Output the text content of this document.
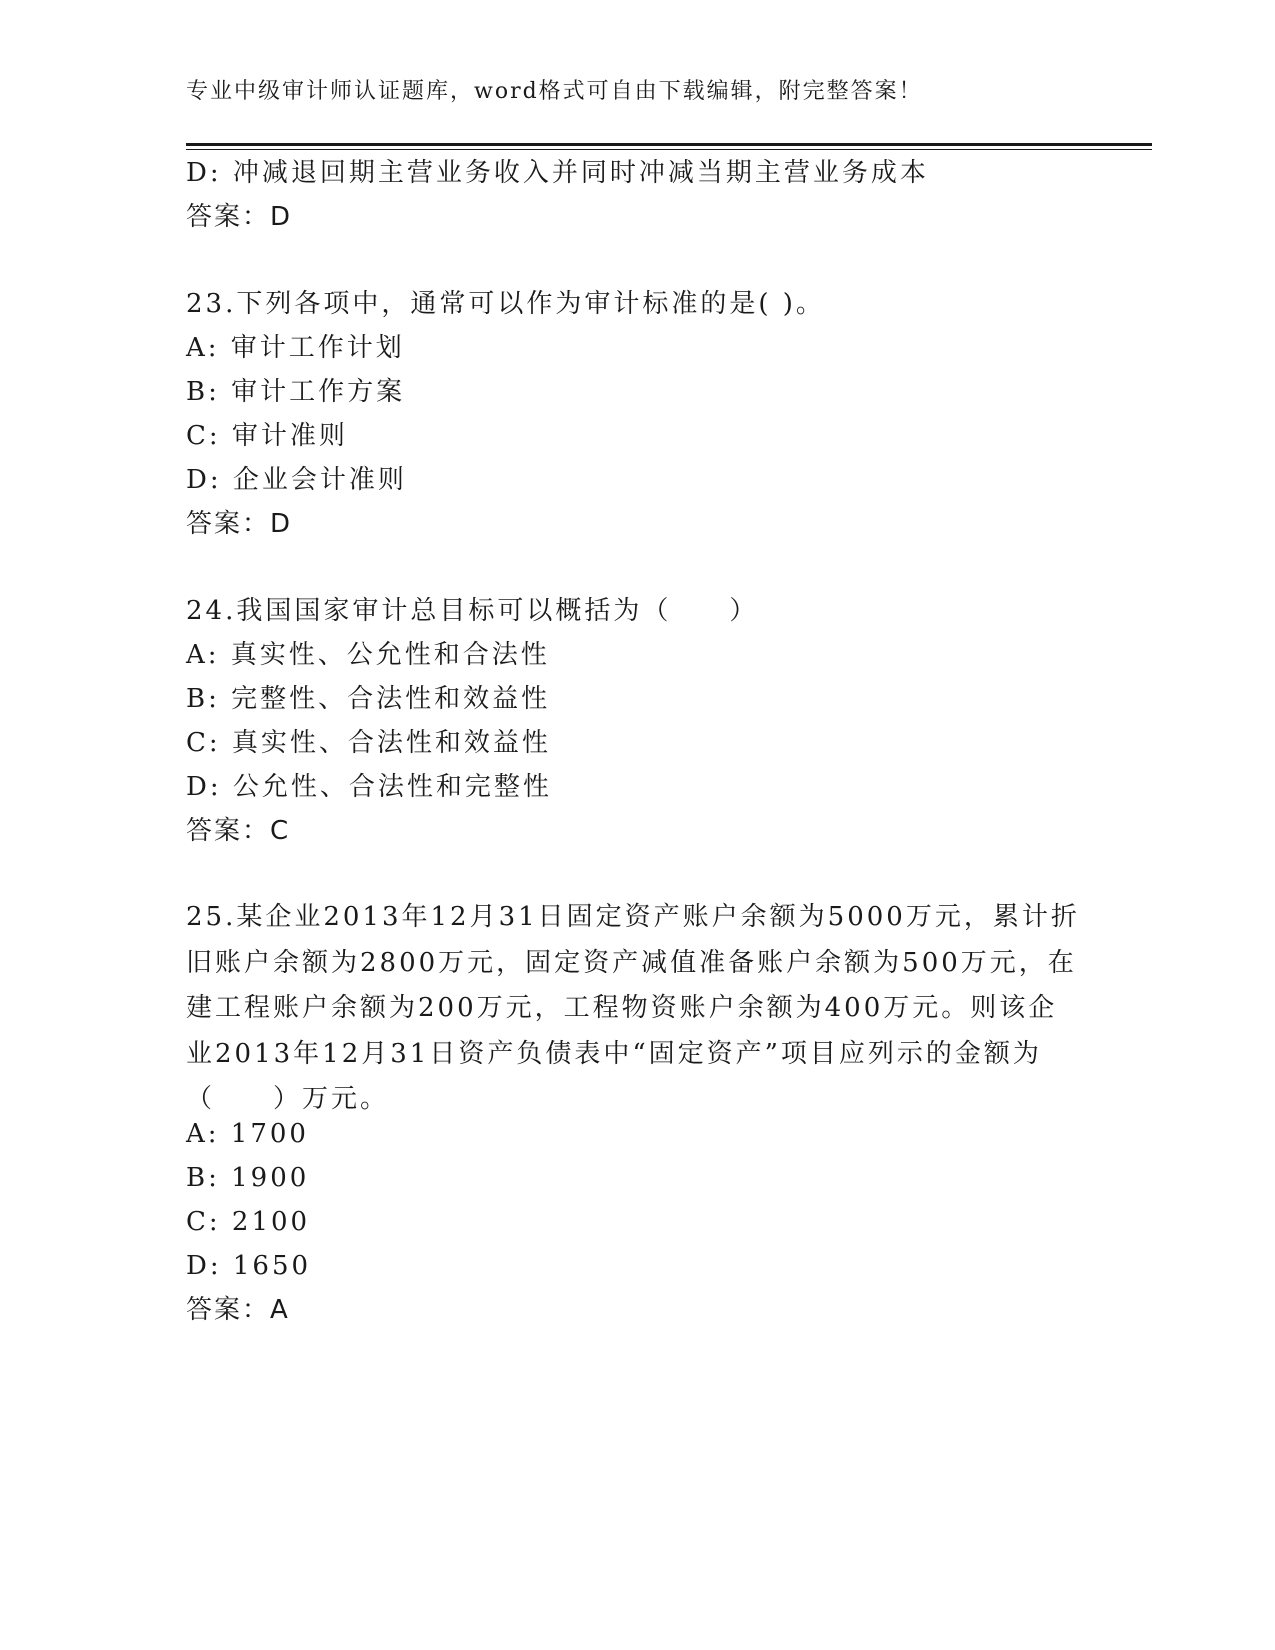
专业中级审计师认证题库，word格式可自由下载编辑，附完整答案！
D: 冲减退回期主营业务收入并同时冲减当期主营业务成本
答案：D
23.下列各项中，通常可以作为审计标准的是( )。
A: 审计工作计划
B: 审计工作方案
C: 审计准则
D: 企业会计准则
答案：D
24.我国国家审计总目标可以概括为（　　）
A: 真实性、公允性和合法性
B: 完整性、合法性和效益性
C: 真实性、合法性和效益性
D: 公允性、合法性和完整性
答案：C
25.某企业2013年12月31日固定资产账户余额为5000万元，累计折
旧账户余额为2800万元，固定资产减值准备账户余额为500万元，在
建工程账户余额为200万元，工程物资账户余额为400万元。则该企
业2013年12月31日资产负债表中“固定资产”项目应列示的金额为
（　　）万元。
A: 1700
B: 1900
C: 2100
D: 1650
答案：A
